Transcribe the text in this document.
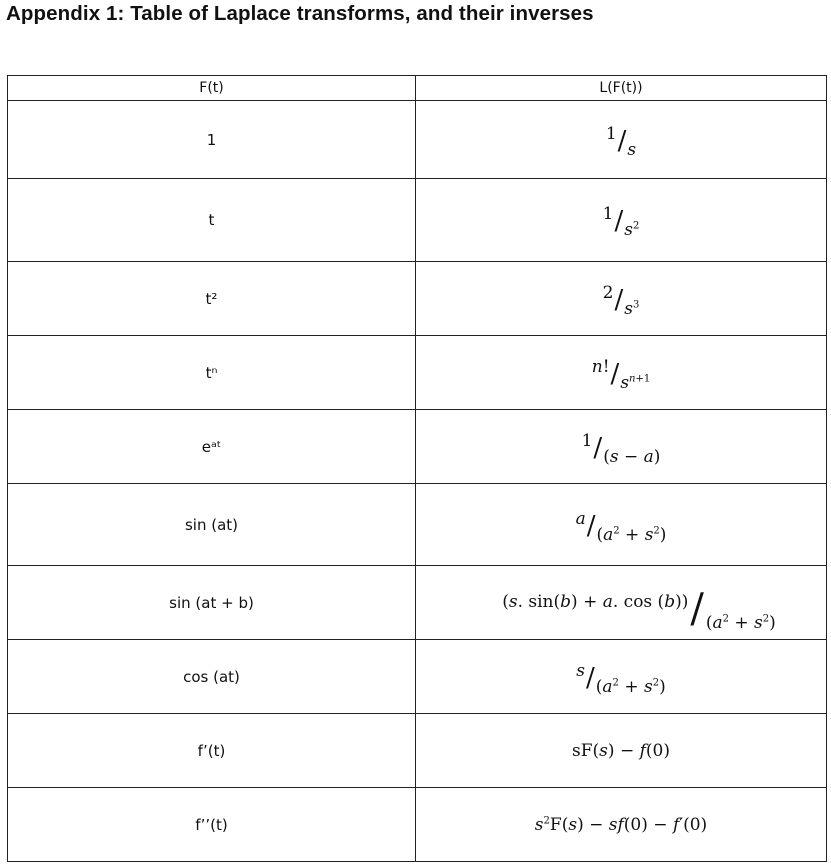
Appendix 1: Table of Laplace transforms, and their inverses
F(t)	L(F(t))
1	1/s
t	$1/s^2$
t²	$2/s^3$
tⁿ	$n!/s^{n+1}$
eᵃᵗ	1/(s − a)
sin (at)	$a/(a^2 + s^2)$
sin (at + b)	(s. sin(b) + a. cos (b))/ $(a^2 + s^2)$
cos (at)	$s/(a^2 + s^2)$
f’(t)	sF(s) − f(0)
f’’(t)	$s^2F(s) - sf(0) - f'(0)$
